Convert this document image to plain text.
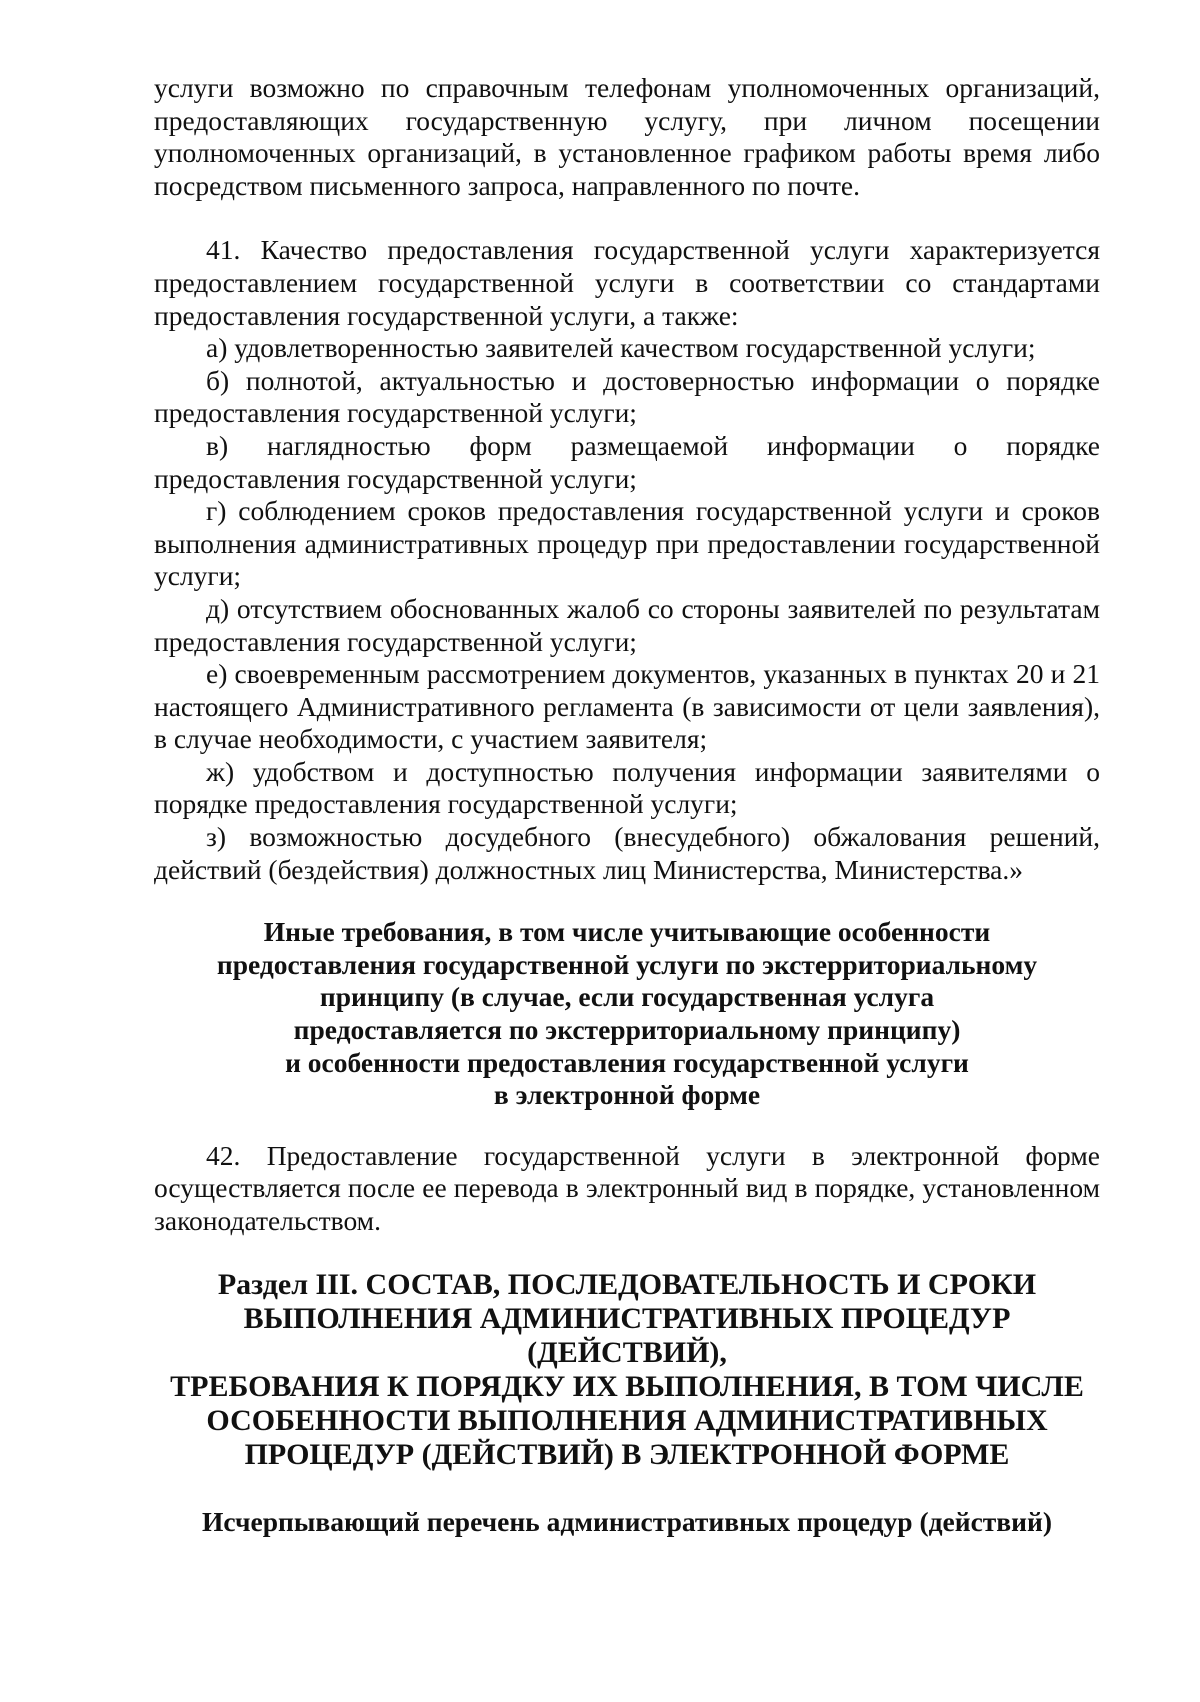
услуги возможно по справочным телефонам уполномоченных организаций, предоставляющих государственную услугу, при личном посещении уполномоченных организаций, в установленное графиком работы время либо посредством письменного запроса, направленного по почте.

41. Качество предоставления государственной услуги характеризуется предоставлением государственной услуги в соответствии со стандартами предоставления государственной услуги, а также:

а) удовлетворенностью заявителей качеством государственной услуги;

б) полнотой, актуальностью и достоверностью информации о порядке предоставления государственной услуги;

в) наглядностью форм размещаемой информации о порядке предоставления государственной услуги;

г) соблюдением сроков предоставления государственной услуги и сроков выполнения административных процедур при предоставлении государственной услуги;

д) отсутствием обоснованных жалоб со стороны заявителей по результатам предоставления государственной услуги;

е) своевременным рассмотрением документов, указанных в пунктах 20 и 21 настоящего Административного регламента (в зависимости от цели заявления), в случае необходимости, с участием заявителя;

ж) удобством и доступностью получения информации заявителями о порядке предоставления государственной услуги;

з) возможностью досудебного (внесудебного) обжалования решений, действий (бездействия) должностных лиц Министерства, Министерства.»

Иные требования, в том числе учитывающие особенности
предоставления государственной услуги по экстерриториальному
принципу (в случае, если государственная услуга
предоставляется по экстерриториальному принципу)
и особенности предоставления государственной услуги
в электронной форме

42. Предоставление государственной услуги в электронной форме осуществляется после ее перевода в электронный вид в порядке, установленном законодательством.

Раздел III. СОСТАВ, ПОСЛЕДОВАТЕЛЬНОСТЬ И СРОКИ
ВЫПОЛНЕНИЯ АДМИНИСТРАТИВНЫХ ПРОЦЕДУР (ДЕЙСТВИЙ),
ТРЕБОВАНИЯ К ПОРЯДКУ ИХ ВЫПОЛНЕНИЯ, В ТОМ ЧИСЛЕ
ОСОБЕННОСТИ ВЫПОЛНЕНИЯ АДМИНИСТРАТИВНЫХ
ПРОЦЕДУР (ДЕЙСТВИЙ) В ЭЛЕКТРОННОЙ ФОРМЕ
Исчерпывающий перечень административных процедур (действий)
